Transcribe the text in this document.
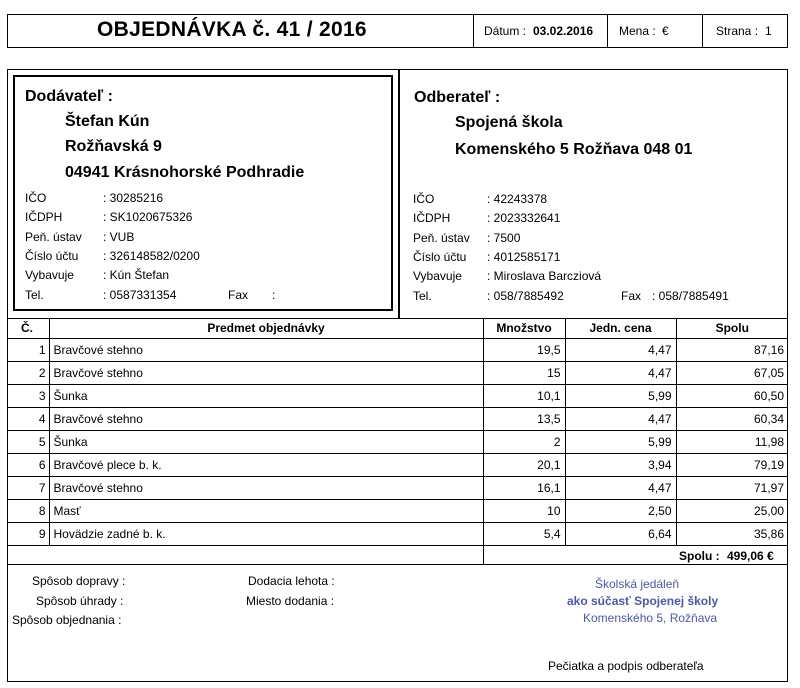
OBJEDNÁVKA č. 41 / 2016	Dátum : 03.02.2016 Mena : €	Strana : 1
Dodávateľ :
Štefan Kún
Rožňavská 9
04941 Krásnohorské Podhradie
IČO	: 30285216
IČDPH	: SK1020675326
Peň. ústav : VUB
Číslo účtu : 326148582/0200
Vybavuje : Kún Štefan
Tel.	: 0587331354	Fax :
Odberateľ :
Spojená škola
Komenského 5 Rožňava 048 01
IČO	: 42243378
IČDPH	: 2023332641
Peň. ústav : 7500
Číslo účtu : 4012585171
Vybavuje : Miroslava Barcziová
Tel.	: 058/7885492	Fax : 058/7885491
Č.	Predmet objednávky	Množstvo	Jedn. cena	Spolu
1	Bravčové stehno	19,5	4,47	87,16
2	Bravčové stehno	15	4,47	67,05
3	Šunka	10,1	5,99	60,50
4	Bravčové stehno	13,5	4,47	60,34
5	Šunka	2	5,99	11,98
6	Bravčové plece b. k.	20,1	3,94	79,19
7	Bravčové stehno	16,1	4,47	71,97
8	Masť	10	2,50	25,00
9	Hovädzie zadné b. k.	5,4	6,64	35,86
Spolu : 499,06 €
Spôsob dopravy :
Spôsob úhrady :
Spôsob objednania :
Dodacia lehota :
Miesto dodania :
Školská jedáleň
ako súčasť Spojenej školy
Komenského 5, Rožňava
Pečiatka a podpis odberateľa
